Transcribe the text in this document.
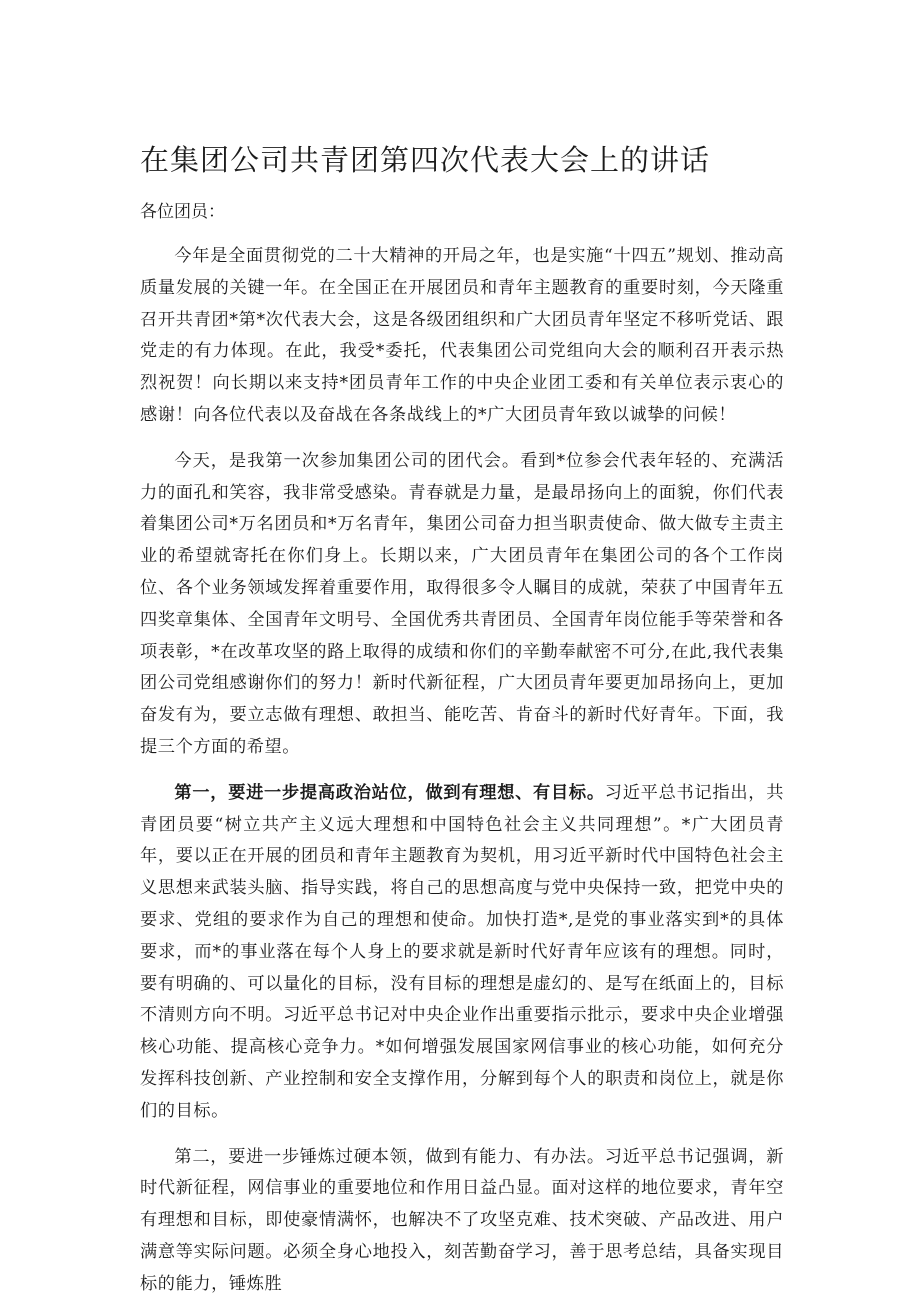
在集团公司共青团第四次代表大会上的讲话

各位团员：

今年是全面贯彻党的二十大精神的开局之年，也是实施“十四五”规划、推动高质量发展的关键一年。在全国正在开展团员和青年主题教育的重要时刻，今天隆重召开共青团*第*次代表大会，这是各级团组织和广大团员青年坚定不移听党话、跟党走的有力体现。在此，我受*委托，代表集团公司党组向大会的顺利召开表示热烈祝贺！向长期以来支持*团员青年工作的中央企业团工委和有关单位表示衷心的感谢！向各位代表以及奋战在各条战线上的*广大团员青年致以诚挚的问候！

今天，是我第一次参加集团公司的团代会。看到*位参会代表年轻的、充满活力的面孔和笑容，我非常受感染。青春就是力量，是最昂扬向上的面貌，你们代表着集团公司*万名团员和*万名青年，集团公司奋力担当职责使命、做大做专主责主业的希望就寄托在你们身上。长期以来，广大团员青年在集团公司的各个工作岗位、各个业务领域发挥着重要作用，取得很多令人瞩目的成就，荣获了中国青年五四奖章集体、全国青年文明号、全国优秀共青团员、全国青年岗位能手等荣誉和各项表彰，*在改革攻坚的路上取得的成绩和你们的辛勤奉献密不可分,在此,我代表集团公司党组感谢你们的努力！新时代新征程，广大团员青年要更加昂扬向上，更加奋发有为，要立志做有理想、敢担当、能吃苦、肯奋斗的新时代好青年。下面，我提三个方面的希望。

第一，要进一步提高政治站位，做到有理想、有目标。习近平总书记指出，共青团员要“树立共产主义远大理想和中国特色社会主义共同理想”。*广大团员青年，要以正在开展的团员和青年主题教育为契机，用习近平新时代中国特色社会主义思想来武装头脑、指导实践，将自己的思想高度与党中央保持一致，把党中央的要求、党组的要求作为自己的理想和使命。加快打造*,是党的事业落实到*的具体要求，而*的事业落在每个人身上的要求就是新时代好青年应该有的理想。同时，要有明确的、可以量化的目标，没有目标的理想是虚幻的、是写在纸面上的，目标不清则方向不明。习近平总书记对中央企业作出重要指示批示，要求中央企业增强核心功能、提高核心竞争力。*如何增强发展国家网信事业的核心功能，如何充分发挥科技创新、产业控制和安全支撑作用，分解到每个人的职责和岗位上，就是你们的目标。

第二，要进一步锤炼过硬本领，做到有能力、有办法。习近平总书记强调，新时代新征程，网信事业的重要地位和作用日益凸显。面对这样的地位要求，青年空有理想和目标，即使豪情满怀，也解决不了攻坚克难、技术突破、产品改进、用户满意等实际问题。必须全身心地投入，刻苦勤奋学习，善于思考总结，具备实现目标的能力，锤炼胜
